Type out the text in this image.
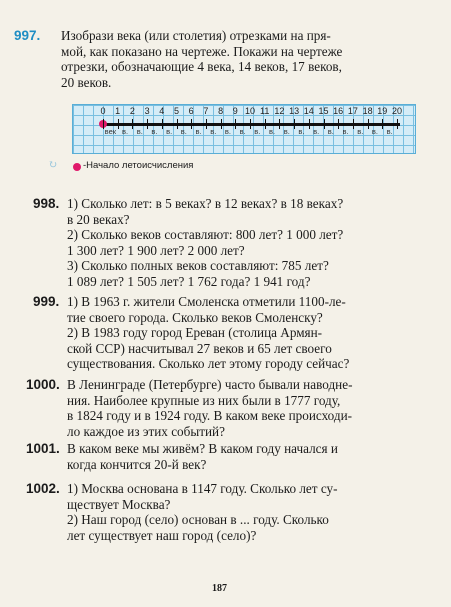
997. Изобрази века (или столетия) отрезками на пря-
мой, как показано на чертеже. Покажи на чертеже
отрезки, обозначающие 4 века, 14 веков, 17 веков,
20 веков.
↻	-Начало летоисчисления
998. 1) Сколько лет: в 5 веках? в 12 веках? в 18 веках?
в 20 веках?
2) Сколько веков составляют: 800 лет? 1 000 лет?
1 300 лет? 1 900 лет? 2 000 лет?
3) Сколько полных веков составляют: 785 лет?
1 089 лет? 1 505 лет? 1 762 года? 1 941 год?
999. 1) В 1963 г. жители Смоленска отметили 1100-ле-
тие своего города. Сколько веков Смоленску?
2) В 1983 году город Ереван (столица Армян-
ской ССР) насчитывал 27 веков и 65 лет своего
существования. Сколько лет этому городу сейчас?
1000. В Ленинграде (Петербурге) часто бывали наводне-
ния. Наиболее крупные из них были в 1777 году,
в 1824 году и в 1924 году. В каком веке происходи-
ло каждое из этих событий?
1001. В каком веке мы живём? В каком году начался и
когда кончится 20-й век?
1002. 1) Москва основана в 1147 году. Сколько лет су-
ществует Москва?
2) Наш город (село) основан в ... году. Сколько
лет существует наш город (село)?
187
0 1 2 3 4 5 6 7 8 9 10 11 12 13 14 15 16 17 18 19 20
век в. в. в. в. в. в. в. в. в. в. в. в. в. в. в. в. в. в. в.
